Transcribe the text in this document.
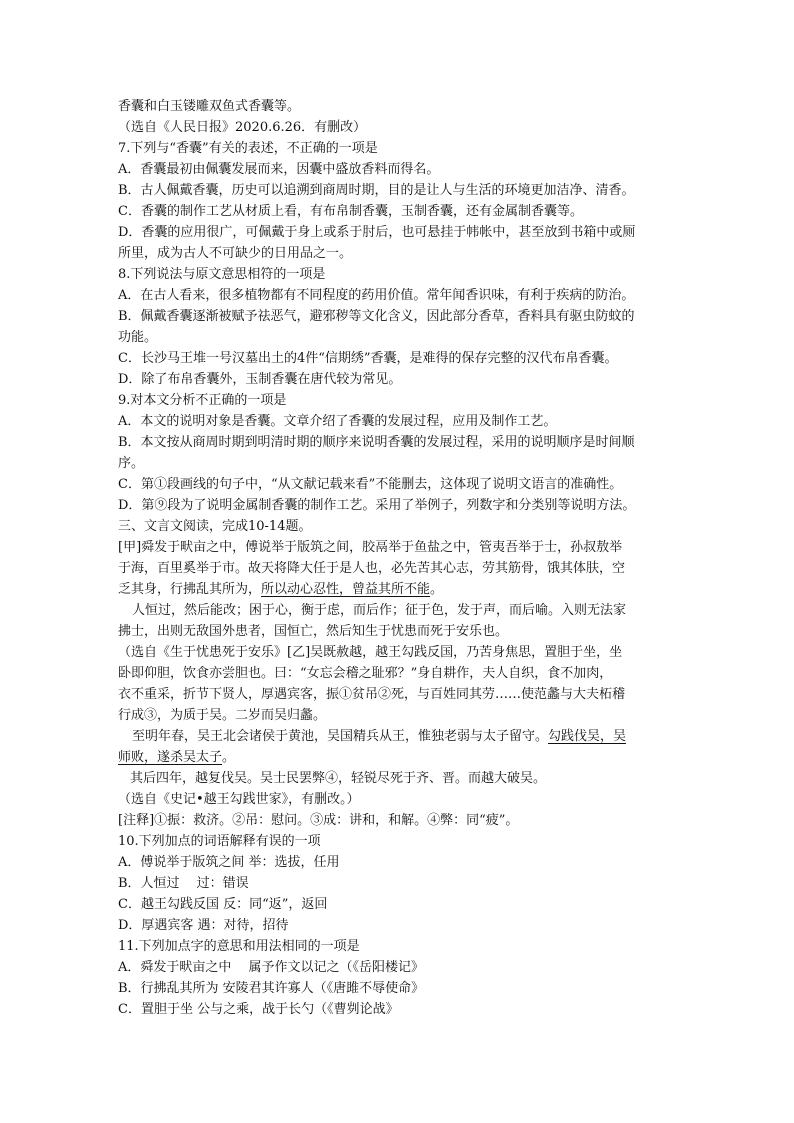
香囊和白玉镂雕双鱼式香囊等。
（选自《人民日报》2020.6.26．有删改）
7.下列与“香囊”有关的表述，不正确的一项是
A．香囊最初由佩囊发展而来，因囊中盛放香料而得名。
B．古人佩戴香囊，历史可以追溯到商周时期，目的是让人与生活的环境更加洁净、清香。
C．香囊的制作工艺从材质上看，有布帛制香囊，玉制香囊，还有金属制香囊等。
D．香囊的应用很广，可佩戴于身上或系于肘后，也可悬挂于帏帐中，甚至放到书箱中或厕
所里，成为古人不可缺少的日用品之一。
8.下列说法与原文意思相符的一项是
A．在古人看来，很多植物都有不同程度的药用价值。常年闻香识味，有利于疾病的防治。
B．佩戴香囊逐渐被赋予祛恶气，避邪秽等文化含义，因此部分香草，香料具有驱虫防蚊的
功能。
C．长沙马王堆一号汉墓出土的4件“信期绣”香囊，是难得的保存完整的汉代布帛香囊。
D．除了布帛香囊外，玉制香囊在唐代较为常见。
9.对本文分析不正确的一项是
A．本文的说明对象是香囊。文章介绍了香囊的发展过程，应用及制作工艺。
B．本文按从商周时期到明清时期的顺序来说明香囊的发展过程，采用的说明顺序是时间顺
序。
C．第①段画线的句子中，“从文献记载来看”不能删去，这体现了说明文语言的准确性。
D．第⑨段为了说明金属制香囊的制作工艺。采用了举例子，列数字和分类别等说明方法。
三、文言文阅读，完成10-14题。
[甲]舜发于畎亩之中，傅说举于版筑之间，胶鬲举于鱼盐之中，管夷吾举于士，孙叔敖举
于海，百里奚举于市。故天将降大任于是人也，必先苦其心志，劳其筋骨，饿其体肤，空
乏其身，行拂乱其所为，所以动心忍性，曾益其所不能。
人恒过，然后能改；困于心，衡于虑，而后作；征于色，发于声，而后喻。入则无法家
拂士，出则无敌国外患者，国恒亡，然后知生于忧患而死于安乐也。
（选自《生于忧患死于安乐》[乙]吴既赦越，越王勾践反国，乃苦身焦思，置胆于坐，坐
卧即仰胆，饮食亦尝胆也。曰：“女忘会稽之耻邪？”身自耕作，夫人自织，食不加肉，
衣不重采，折节下贤人，厚遇宾客，振①贫吊②死，与百姓同其劳……使范蠡与大夫柘稽
行成③，为质于吴。二岁而吴归蠡。
至明年春，吴王北会诸侯于黄池，吴国精兵从王，惟独老弱与太子留守。勾践伐吴，吴
师败，遂杀吴太子。
其后四年，越复伐吴。吴士民罢弊④，轻锐尽死于齐、晋。而越大破吴。
（选自《史记•越王勾践世家》，有删改。）
[注释]①振：救济。②吊：慰问。③成：讲和，和解。④弊：同“疲”。
10.下列加点的词语解释有误的一项
A．傅说举于版筑之间 举：选拔，任用
B．人恒过　 过：错误
C．越王勾践反国 反：同“返”，返回
D．厚遇宾客 遇：对待，招待
11.下列加点字的意思和用法相同的一项是
A．舜发于畎亩之中　 属予作文以记之（《岳阳楼记》
B．行拂乱其所为 安陵君其许寡人（《唐雎不辱使命》
C．置胆于坐 公与之乘，战于长勺（《曹刿论战》
